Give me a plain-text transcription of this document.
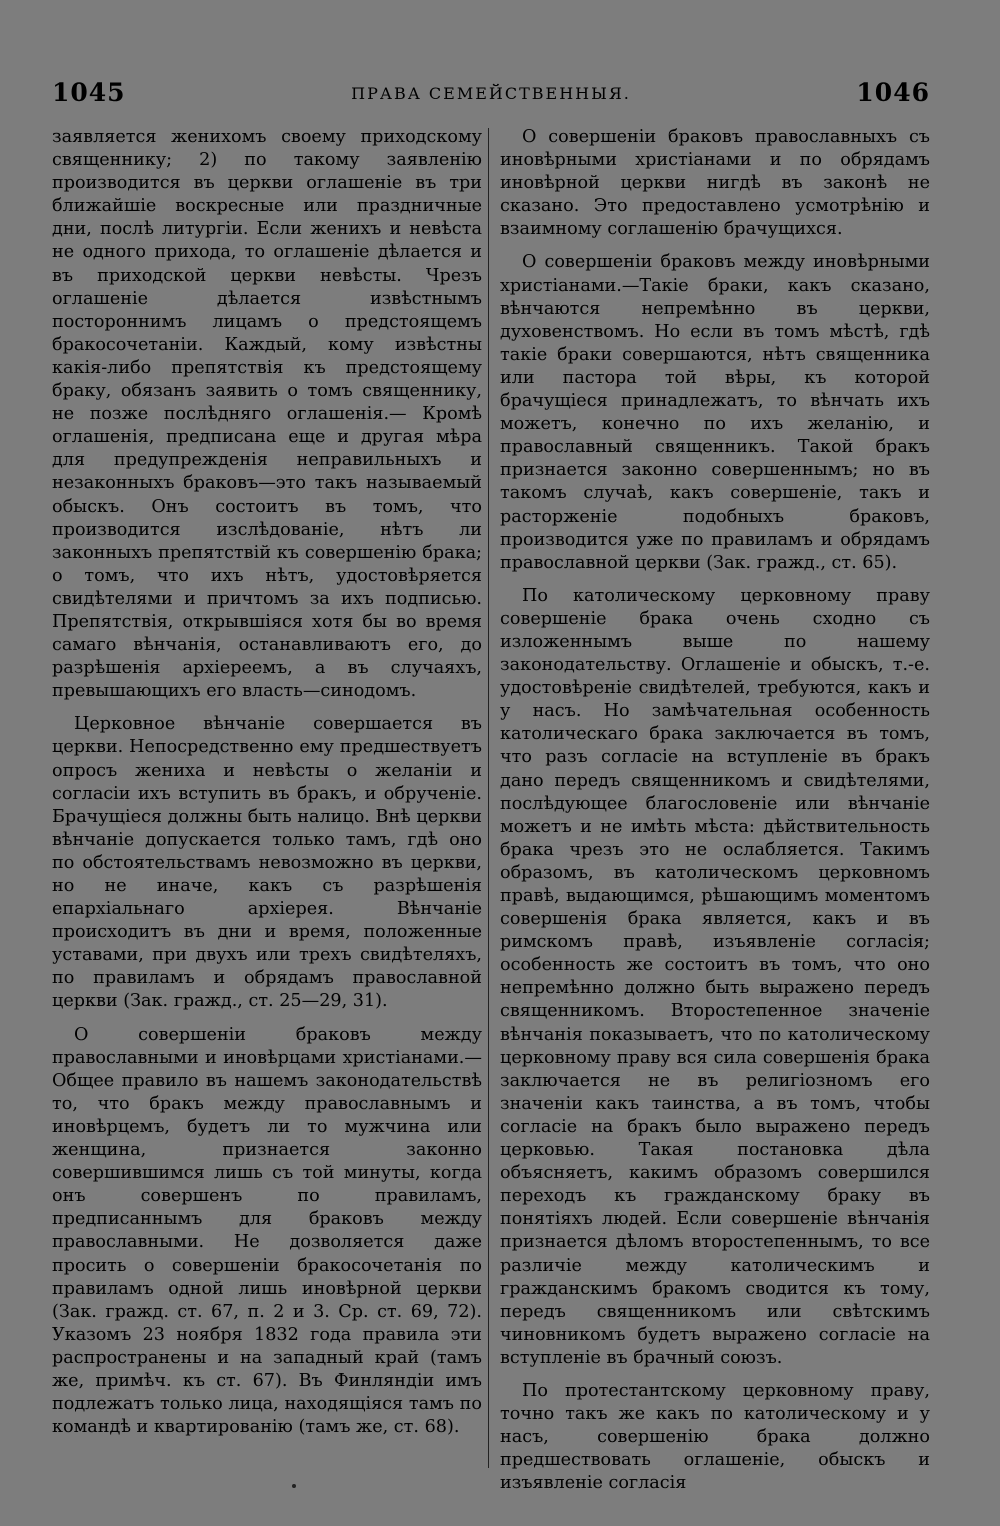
1045	ПРАВА СЕМЕЙСТВЕННЫЯ.	1046

заявляется женихомъ своему приходскому священнику; 2) по такому заявленію производится въ церкви оглашеніе въ три ближайшіе воскресные или праздничные дни, послѣ литургіи. Если женихъ и невѣста не одного прихода, то оглашеніе дѣлается и въ приходской церкви невѣсты. Чрезъ оглашеніе дѣлается извѣстнымъ постороннимъ лицамъ о предстоящемъ бракосочетаніи. Каждый, кому извѣстны какія-либо препятствія къ предстоящему браку, обязанъ заявить о томъ священнику, не позже послѣдняго оглашенія.— Кромѣ оглашенія, предписана еще и другая мѣра для предупрежденія неправильныхъ и незаконныхъ браковъ—это такъ называемый обыскъ. Онъ состоитъ въ томъ, что производится изслѣдованіе, нѣтъ ли законныхъ препятствій къ совершенію брака; о томъ, что ихъ нѣтъ, удостовѣряется свидѣтелями и причтомъ за ихъ подписью. Препятствія, открывшіяся хотя бы во время самаго вѣнчанія, останавливаютъ его, до разрѣшенія архіереемъ, а въ случаяхъ, превышающихъ его власть—синодомъ.

Церковное вѣнчаніе совершается въ церкви. Непосредственно ему предшествуетъ опросъ жениха и невѣсты о желаніи и согласіи ихъ вступить въ бракъ, и обрученіе. Брачущіеся должны быть налицо. Внѣ церкви вѣнчаніе допускается только тамъ, гдѣ оно по обстоятельствамъ невозможно въ церкви, но не иначе, какъ съ разрѣшенія епархіальнаго архіерея. Вѣнчаніе происходитъ въ дни и время, положенные уставами, при двухъ или трехъ свидѣтеляхъ, по правиламъ и обрядамъ православной церкви (Зак. гражд., ст. 25—29, 31).

О совершеніи браковъ между православными и иновѣрцами христіанами.—Общее правило въ нашемъ законодательствѣ то, что бракъ между православнымъ и иновѣрцемъ, будетъ ли то мужчина или женщина, признается законно совершившимся лишь съ той минуты, когда онъ совершенъ по правиламъ, предписаннымъ для браковъ между православными. Не дозволяется даже просить о совершеніи бракосочетанія по правиламъ одной лишь иновѣрной церкви (Зак. гражд. ст. 67, п. 2 и 3. Ср. ст. 69, 72). Указомъ 23 ноября 1832 года правила эти распространены и на западный край (тамъ же, примѣч. къ ст. 67). Въ Финляндіи имъ подлежатъ только лица, находящіяся тамъ по командѣ и квартированію (тамъ же, ст. 68).

О совершеніи браковъ православныхъ съ иновѣрными христіанами и по обрядамъ иновѣрной церкви нигдѣ въ законѣ не сказано. Это предоставлено усмотрѣнію и взаимному соглашенію брачущихся.

О совершеніи браковъ между иновѣрными христіанами.—Такіе браки, какъ сказано, вѣнчаются непремѣнно въ церкви, духовенствомъ. Но если въ томъ мѣстѣ, гдѣ такіе браки совершаются, нѣтъ священника или пастора той вѣры, къ которой брачущіеся принадлежатъ, то вѣнчать ихъ можетъ, конечно по ихъ желанію, и православный священникъ. Такой бракъ признается законно совершеннымъ; но въ такомъ случаѣ, какъ совершеніе, такъ и расторженіе подобныхъ браковъ, производится уже по правиламъ и обрядамъ православной церкви (Зак. гражд., ст. 65).

По католическому церковному праву совершеніе брака очень сходно съ изложеннымъ выше по нашему законодательству. Оглашеніе и обыскъ, т.-е. удостовѣреніе свидѣтелей, требуются, какъ и у насъ. Но замѣчательная особенность католическаго брака заключается въ томъ, что разъ согласіе на вступленіе въ бракъ дано передъ священникомъ и свидѣтелями, послѣдующее благословеніе или вѣнчаніе можетъ и не имѣть мѣста: дѣйствительность брака чрезъ это не ослабляется. Такимъ образомъ, въ католическомъ церковномъ правѣ, выдающимся, рѣшающимъ моментомъ совершенія брака является, какъ и въ римскомъ правѣ, изъявленіе согласія; особенность же состоитъ въ томъ, что оно непремѣнно должно быть выражено передъ священникомъ. Второстепенное значеніе вѣнчанія показываетъ, что по католическому церковному праву вся сила совершенія брака заключается не въ религіозномъ его значеніи какъ таинства, а въ томъ, чтобы согласіе на бракъ было выражено передъ церковью. Такая постановка дѣла объясняетъ, какимъ образомъ совершился переходъ къ гражданскому браку въ понятіяхъ людей. Если совершеніе вѣнчанія признается дѣломъ второстепеннымъ, то все различіе между католическимъ и гражданскимъ бракомъ сводится къ тому, передъ священникомъ или свѣтскимъ чиновникомъ будетъ выражено согласіе на вступленіе въ брачный союзъ.

По протестантскому церковному праву, точно такъ же какъ по католическому и у насъ, совершенію брака должно предшествовать оглашеніе, обыскъ и изъявленіе согласія
